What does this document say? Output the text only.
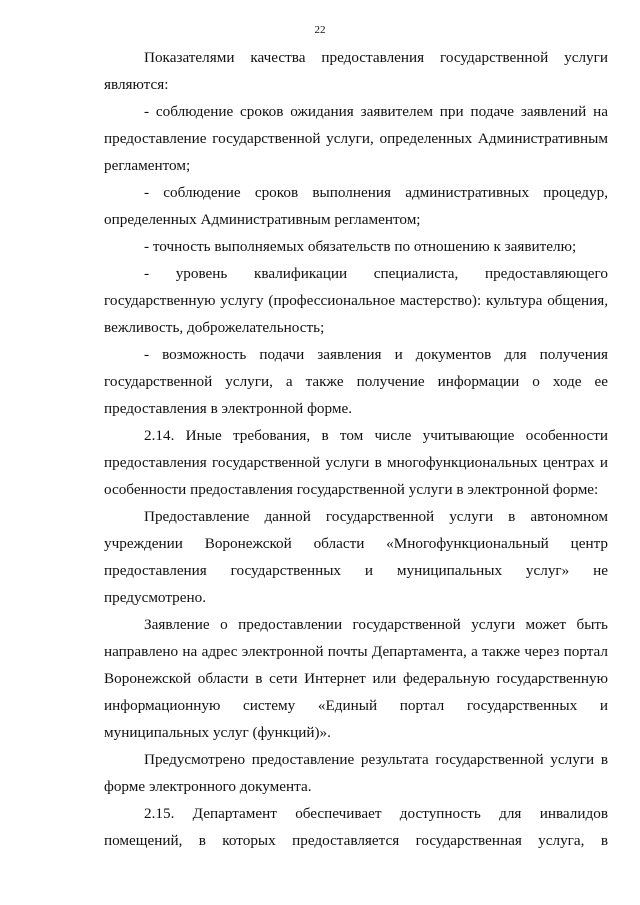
22

Показателями качества предоставления государственной услуги являются:

- соблюдение сроков ожидания заявителем при подаче заявлений на предоставление государственной услуги, определенных Административным регламентом;

- соблюдение сроков выполнения административных процедур, определенных Административным регламентом;

- точность выполняемых обязательств по отношению к заявителю;

- уровень квалификации специалиста, предоставляющего государственную услугу (профессиональное мастерство): культура общения, вежливость, доброжелательность;

- возможность подачи заявления и документов для получения государственной услуги, а также получение информации о ходе ее предоставления в электронной форме.

2.14. Иные требования, в том числе учитывающие особенности предоставления государственной услуги в многофункциональных центрах и особенности предоставления государственной услуги в электронной форме:

Предоставление данной государственной услуги в автономном учреждении Воронежской области «Многофункциональный центр предоставления государственных и муниципальных услуг» не предусмотрено.

Заявление о предоставлении государственной услуги может быть направлено на адрес электронной почты Департамента, а также через портал Воронежской области в сети Интернет или федеральную государственную информационную систему «Единый портал государственных и муниципальных услуг (функций)».

Предусмотрено предоставление результата государственной услуги в форме электронного документа.

2.15. Департамент обеспечивает доступность для инвалидов помещений, в которых предоставляется государственная услуга, в
